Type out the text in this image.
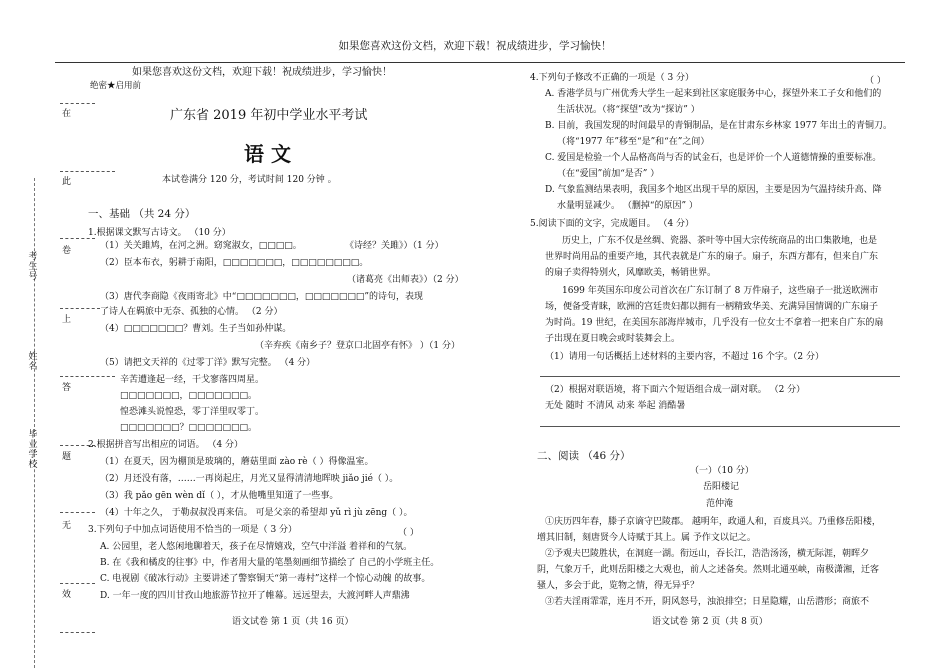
如果您喜欢这份文档，欢迎下载！祝成绩进步，学习愉快！
考生号
姓名
毕业学校
如果您喜欢这份文档，欢迎下载！祝成绩进步，学习愉快！
绝密★启用前
在	广东省 2019 年初中学业水平考试
语 文
此	本试卷满分 120 分，考试时间 120 分钟 。
一、基础 （共 24 分）
1.根据课文默写古诗文。 （10 分）
（1）关关雎鸠，在河之洲。窈窕淑女，□□□□。	《诗经？关雎》）（1 分）
卷
（2）臣本布衣，躬耕于南阳，□□□□□□□，□□□□□□□□。
（诸葛亮《出师表》）（2 分）
（3）唐代李商隐《夜雨寄北》中“□□□□□□□，□□□□□□□”的诗句，表现
了诗人在羁旅中无奈、孤独的心情。 （2 分）
上
（4）□□□□□□□？曹刘。生子当如孙仲谋。
（辛弃疾《南乡子？登京口北固亭有怀》 ）（1 分）
（5）请把文天祥的《过零丁洋》默写完整。 （4 分）
辛苦遭逢起一经，干戈寥落四周星。
答
□□□□□□□，□□□□□□□。
惶恐滩头说惶恐，零丁洋里叹零丁。
□□□□□□□？□□□□□□□。
2.根据拼音写出相应的词语。 （4 分）
题	（1）在夏天，因为棚顶是玻璃的，蘑菇里面 zào rè（ ）得像温室。
（2）月还没有落，……一再岗起庄，月光又显得清清地晖映 jiǎo jié（ ）。
（3）我 pǎo gēn wèn dǐ（ ），才从他嘴里知道了一些事。
（4）十年之久， 于勒叔叔没再来信。 可是父亲的希望却 yǔ rì jù zēng（ ）。
3.下列句子中加点词语使用不恰当的一项是（ 3 分）	（ ）
无
A. 公园里，老人悠闲地聊着天，孩子在尽情嬉戏，空气中洋溢 着祥和的气氛。
B. 在《我和橘皮的往事》中，作者用大量的笔墨刻画细节描绘了 自己的小学班主任。
C. 电视剧《破冰行动》主要讲述了警察铜天“第一毒村”这样一个惊心动魄 的故事。
D. 一年一度的四川甘孜山地旅游节拉开了帷幕。远远望去，大渡河畔人声鼎沸
效
语文试卷 第 1 页（共 16 页）
4.下列句子修改不正确的一项是（ 3 分）	（ ）
A. 香港学员与广州优秀大学生一起来到社区家庭服务中心，探望外来工子女和他们的
生活状况。（将“探望”改为“探访” ）
B. 目前，我国发现的时间最早的青铜制品，是在甘肃东乡林家 1977 年出土的青铜刀。
（将“1977 年”移至“是”和“在”之间）
C. 爱国是检验一个人品格高尚与否的试金石，也是评价一个人道德情操的重要标准。
（在“爱国”前加“是否” ）
D. 气象监测结果表明，我国多个地区出现干旱的原因，主要是因为气温持续升高、降
水量明显减少。 （删掉“的原因” ）
5.阅读下面的文字，完成题目。 （4 分）
历史上，广东不仅是丝绸、瓷器、茶叶等中国大宗传统商品的出口集散地，也是
世界时尚用品的重要产地，其代表就是广东的扇子。扇子，东西方都有，但来自广东
的扇子卖得特别火，风靡欧美，畅销世界。
1699 年英国东印度公司首次在广东订制了 8 万件扇子，这些扇子一批送欧洲市
场，便备受青睐，欧洲的宫廷贵妇都以拥有一柄精致华美、充满异国情调的广东扇子
为时尚。19 世纪，在美国东部海岸城市，几乎没有一位女士不拿着一把来自广东的扇
子出现在夏日晚会或时装舞会上。
（1）请用一句话概括上述材料的主要内容，不超过 16 个字。（2 分）
（2）根据对联语境，将下面六个短语组合成一副对联。 （2 分）
无处 随时 不清风 动来 举起 消酷暑
二、阅读 （46 分）
（一）（10 分）
岳阳楼记
范仲淹
①庆历四年春，滕子京谪守巴陵郡。 越明年，政通人和，百废具兴。乃重修岳阳楼，
增其旧制，刻唐贤今人诗赋于其上。属 予作文以记之。
②予观夫巴陵胜状，在洞庭一湖。衔远山，吞长江，浩浩汤汤，横无际涯，朝晖夕
阴，气象万千，此则岳阳楼之大观也，前人之述备矣。然则北通巫峡，南极潇湘，迁客
骚人，多会于此，览物之情，得无异乎？
③若夫淫雨霏霏，连月不开，阴风怒号，浊浪排空；日星隐耀，山岳潜形；商旅不
语文试卷 第 2 页（共 8 页）
